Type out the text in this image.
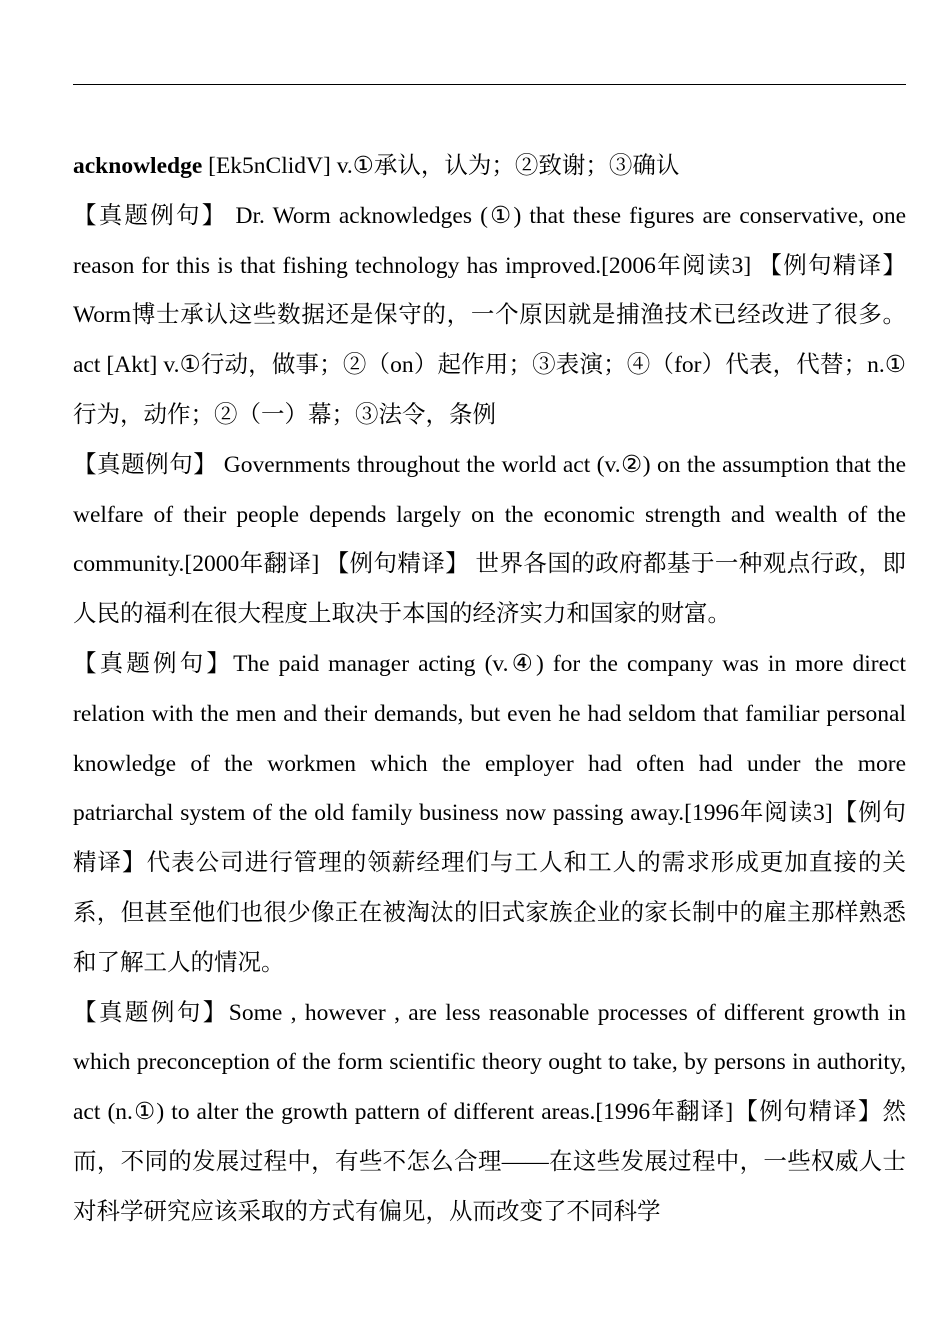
acknowledge [Ek5nClidV] v.①承认，认为；②致谢；③确认

【真题例句】 Dr. Worm acknowledges (①) that these figures are conservative, one reason for this is that fishing technology has improved.[2006年阅读3] 【例句精译】Worm博士承认这些数据还是保守的，一个原因就是捕渔技术已经改进了很多。act [Akt] v.①行动，做事；②（on）起作用；③表演；④（for）代表，代替；n.①行为，动作；②（一）幕；③法令，条例

【真题例句】 Governments throughout the world act (v.②) on the assumption that the welfare of their people depends largely on the economic strength and wealth of the community.[2000年翻译] 【例句精译】 世界各国的政府都基于一种观点行政，即人民的福利在很大程度上取决于本国的经济实力和国家的财富。

【真题例句】The paid manager acting (v.④) for the company was in more direct relation with the men and their demands, but even he had seldom that familiar personal knowledge of the workmen which the employer had often had under the more patriarchal system of the old family business now passing away.[1996年阅读3]【例句精译】代表公司进行管理的领薪经理们与工人和工人的需求形成更加直接的关系，但甚至他们也很少像正在被淘汰的旧式家族企业的家长制中的雇主那样熟悉和了解工人的情况。

【真题例句】Some , however , are less reasonable processes of different growth in which preconception of the form scientific theory ought to take, by persons in authority, act (n.①) to alter the growth pattern of different areas.[1996年翻译]【例句精译】然而，不同的发展过程中，有些不怎么合理——在这些发展过程中，一些权威人士对科学研究应该采取的方式有偏见，从而改变了不同科学
